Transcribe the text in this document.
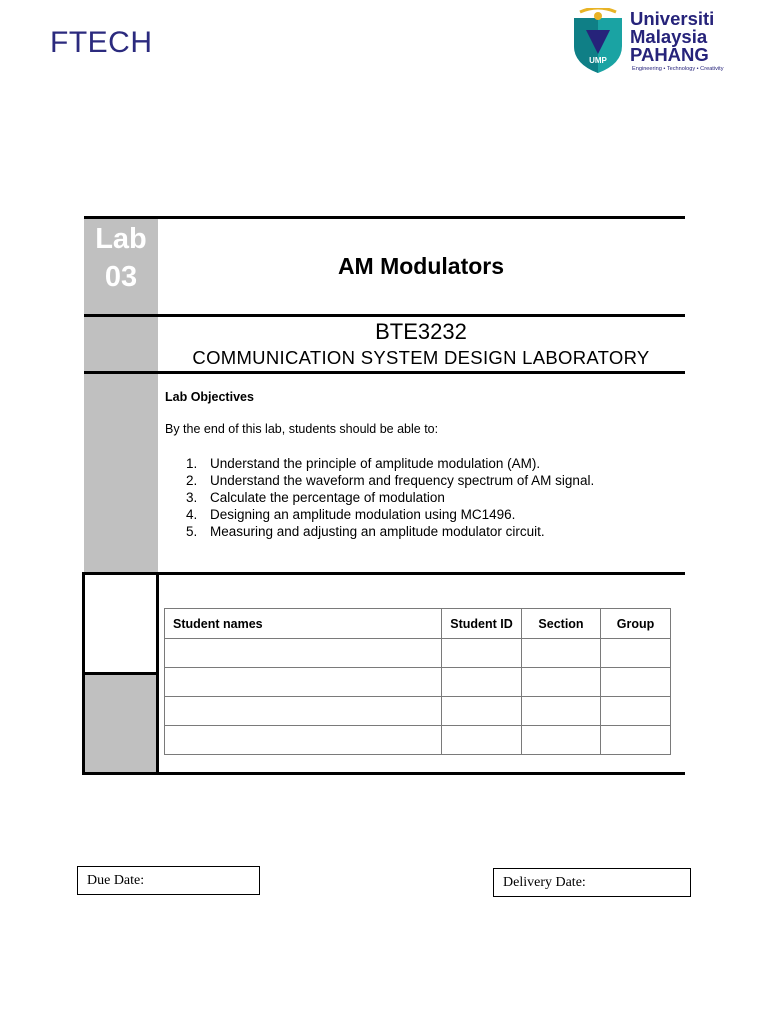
FTECH
UMP
Universiti
Malaysia
PAHANG
Engineering • Technology • Creativity
Lab
03	AM Modulators
BTE3232
COMMUNICATION SYSTEM DESIGN LABORATORY
Lab Objectives
By the end of this lab, students should be able to:
1. Understand the principle of amplitude modulation (AM).
2. Understand the waveform and frequency spectrum of AM signal.
3. Calculate the percentage of modulation
4. Designing an amplitude modulation using MC1496.
5. Measuring and adjusting an amplitude modulator circuit.
Student names	Student ID	Section	Group

Due Date:	Delivery Date:
